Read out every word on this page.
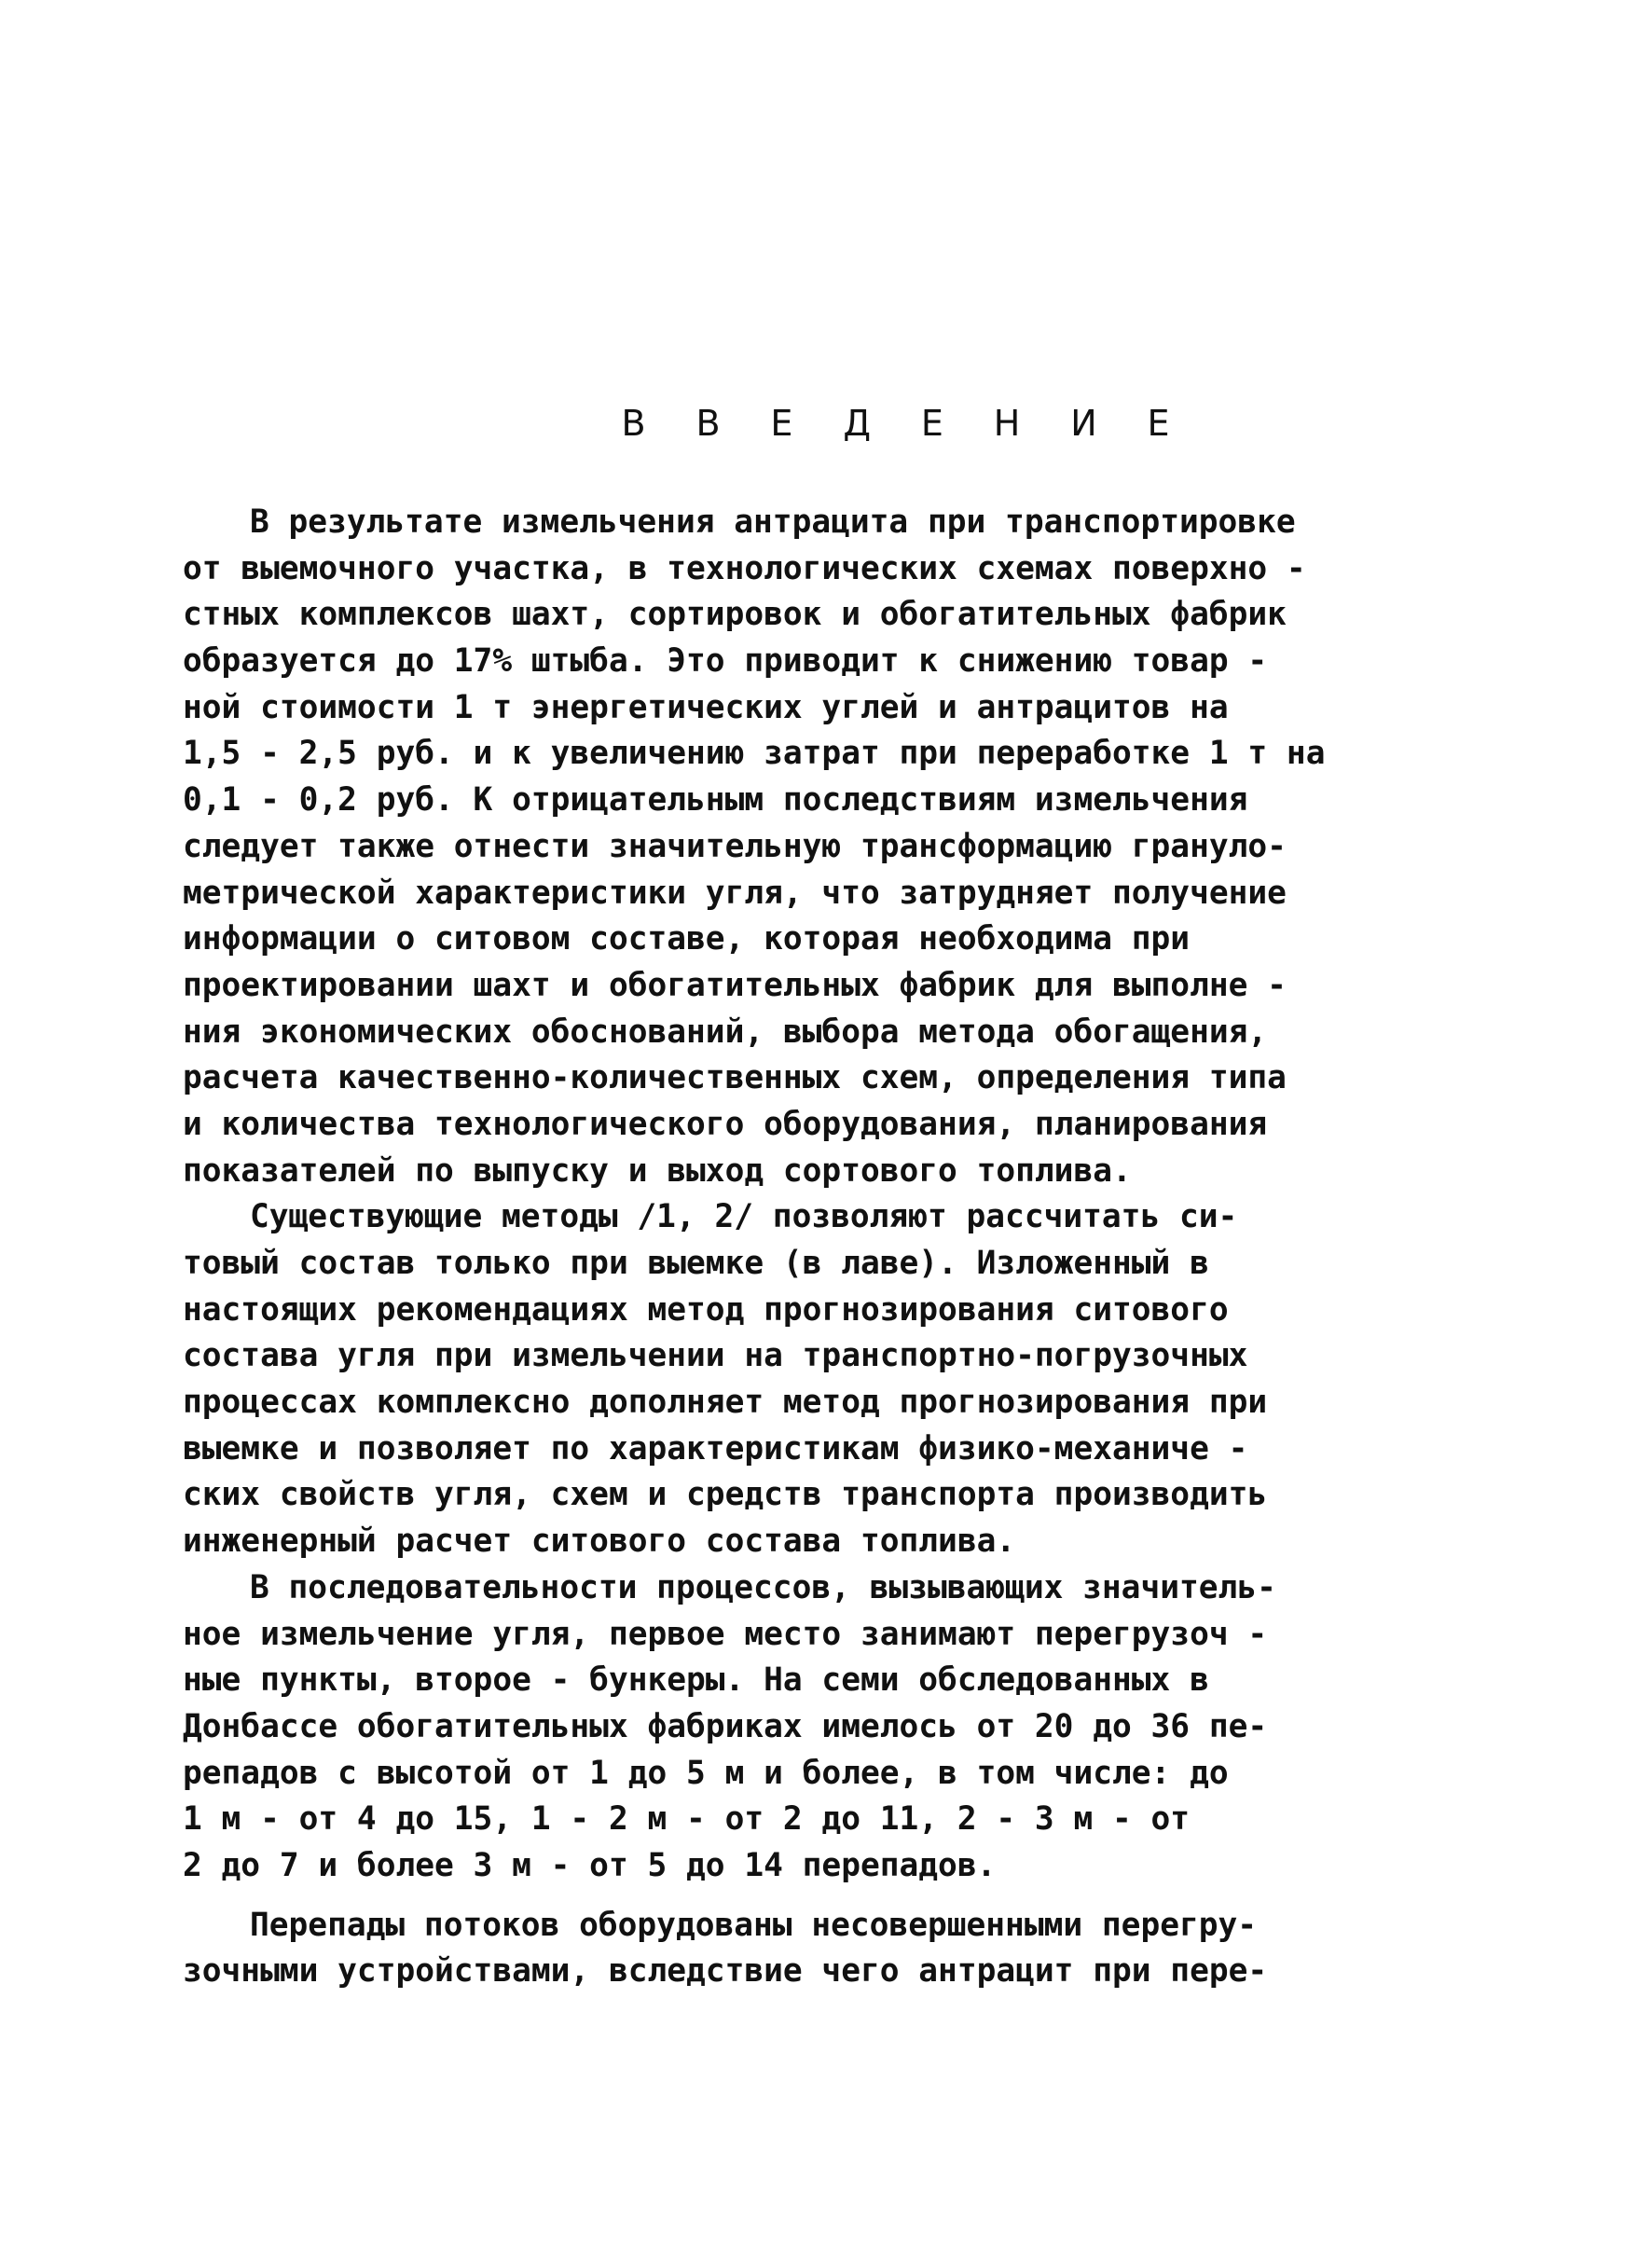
В В Е Д Е Н И Е
В результате измельчения антрацита при транспортировке
от выемочного участка, в технологических схемах поверхно -
стных комплексов шахт, сортировок и обогатительных фабрик
образуется до 17% штыба. Это приводит к снижению товар -
ной стоимости 1 т энергетических углей и антрацитов на
1,5 - 2,5 руб. и к увеличению затрат при переработке 1 т на
0,1 - 0,2 руб. К отрицательным последствиям измельчения
следует также отнести значительную трансформацию грануло-
метрической характеристики угля, что затрудняет получение
информации о ситовом составе, которая необходима при
проектировании шахт и обогатительных фабрик для выполне -
ния экономических обоснований, выбора метода обогащения,
расчета качественно-количественных схем, определения типа
и количества технологического оборудования, планирования
показателей по выпуску и выход сортового топлива.
Существующие методы /1, 2/ позволяют рассчитать си-
товый состав только при выемке (в лаве). Изложенный в
настоящих рекомендациях метод прогнозирования ситового
состава угля при измельчении на транспортно-погрузочных
процессах комплексно дополняет метод прогнозирования при
выемке и позволяет по характеристикам физико-механиче -
ских свойств угля, схем и средств транспорта производить
инженерный расчет ситового состава топлива.
В последовательности процессов, вызывающих значитель-
ное измельчение угля, первое место занимают перегрузоч -
ные пункты, второе - бункеры. На семи обследованных в
Донбассе обогатительных фабриках имелось от 20 до 36 пе-
репадов с высотой от 1 до 5 м и более, в том числе: до
1 м - от 4 до 15, 1 - 2 м - от 2 до 11, 2 - 3 м - от
2 до 7 и более 3 м - от 5 до 14 перепадов.
Перепады потоков оборудованы несовершенными перегру-
зочными устройствами, вследствие чего антрацит при пере-
